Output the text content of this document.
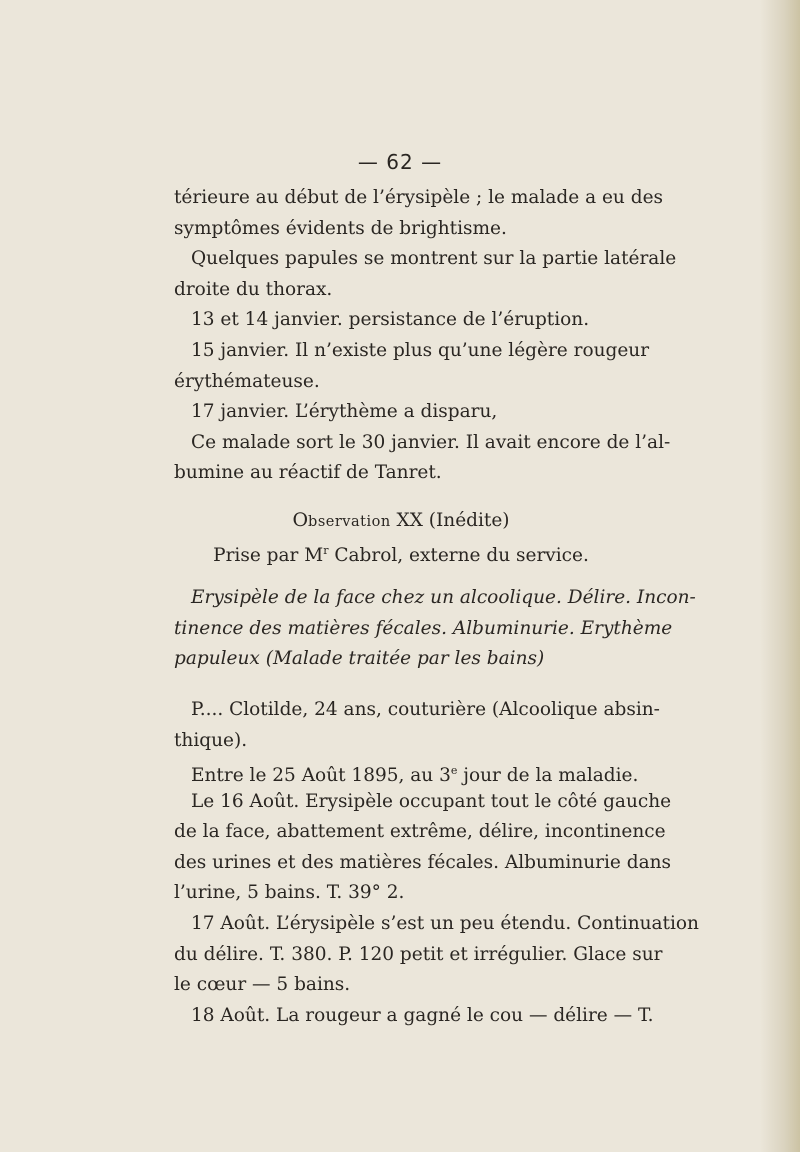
— 62 —
térieure au début de l’érysipèle ; le malade a eu des
symptômes évidents de brightisme.
Quelques papules se montrent sur la partie latérale
droite du thorax.
13 et 14 janvier. persistance de l’éruption.
15 janvier. Il n’existe plus qu’une légère rougeur
érythémateuse.
17 janvier. L’érythème a disparu,
Ce malade sort le 30 janvier. Il avait encore de l’al-
bumine au réactif de Tanret.
Observation XX (Inédite)
Prise par $M^r$ Cabrol, externe du service.
Erysipèle de la face chez un alcoolique. Délire. Incon-
tinence des matières fécales. Albuminurie. Erythème
papuleux (Malade traitée par les bains)
P.... Clotilde, 24 ans, couturière (Alcoolique absin-
thique).
Entre le 25 Août 1895, au 3e jour de la maladie.
Le 16 Août. Erysipèle occupant tout le côté gauche
de la face, abattement extrême, délire, incontinence
des urines et des matières fécales. Albuminurie dans
l’urine, 5 bains. T. 39° 2.
17 Août. L’érysipèle s’est un peu étendu. Continuation
du délire. T. 380. P. 120 petit et irrégulier. Glace sur
le cœur — 5 bains.
18 Août. La rougeur a gagné le cou — délire — T.
